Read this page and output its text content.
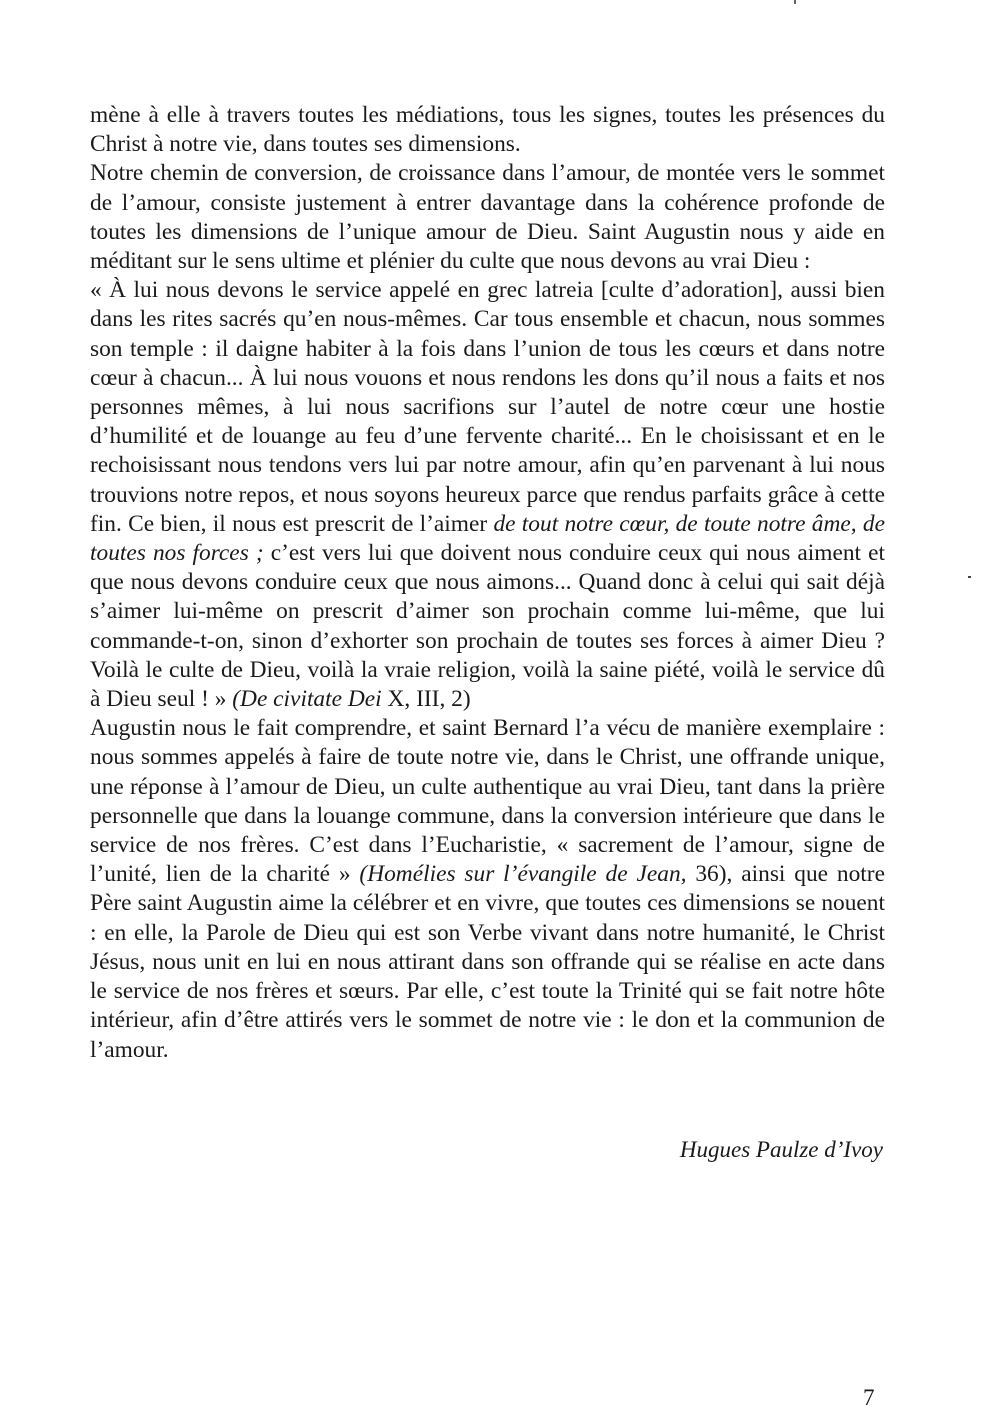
mène à elle à travers toutes les médiations, tous les signes, toutes les présences du Christ à notre vie, dans toutes ses dimensions.

Notre chemin de conversion, de croissance dans l’amour, de montée vers le sommet de l’amour, consiste justement à entrer davantage dans la cohérence profonde de toutes les dimensions de l’unique amour de Dieu. Saint Augustin nous y aide en méditant sur le sens ultime et plénier du culte que nous devons au vrai Dieu :

« À lui nous devons le service appelé en grec latreia [culte d’adoration], aussi bien dans les rites sacrés qu’en nous-mêmes. Car tous ensemble et chacun, nous sommes son temple : il daigne habiter à la fois dans l’union de tous les cœurs et dans notre cœur à chacun... À lui nous vouons et nous rendons les dons qu’il nous a faits et nos personnes mêmes, à lui nous sacrifions sur l’autel de notre cœur une hostie d’humilité et de louange au feu d’une fervente charité... En le choisissant et en le rechoisissant nous tendons vers lui par notre amour, afin qu’en parvenant à lui nous trouvions notre repos, et nous soyons heureux parce que rendus parfaits grâce à cette fin. Ce bien, il nous est prescrit de l’aimer de tout notre cœur, de toute notre âme, de toutes nos forces ; c’est vers lui que doivent nous conduire ceux qui nous aiment et que nous devons conduire ceux que nous aimons... Quand donc à celui qui sait déjà s’aimer lui-même on prescrit d’aimer son prochain comme lui-même, que lui commande-t-on, sinon d’exhorter son prochain de toutes ses forces à aimer Dieu ? Voilà le culte de Dieu, voilà la vraie religion, voilà la saine piété, voilà le service dû à Dieu seul ! » (De civitate Dei X, III, 2)

Augustin nous le fait comprendre, et saint Bernard l’a vécu de manière exemplaire : nous sommes appelés à faire de toute notre vie, dans le Christ, une offrande unique, une réponse à l’amour de Dieu, un culte authentique au vrai Dieu, tant dans la prière personnelle que dans la louange commune, dans la conversion intérieure que dans le service de nos frères. C’est dans l’Eucharistie, « sacrement de l’amour, signe de l’unité, lien de la charité » (Homélies sur l’évangile de Jean, 36), ainsi que notre Père saint Augustin aime la célébrer et en vivre, que toutes ces dimensions se nouent : en elle, la Parole de Dieu qui est son Verbe vivant dans notre humanité, le Christ Jésus, nous unit en lui en nous attirant dans son offrande qui se réalise en acte dans le service de nos frères et sœurs. Par elle, c’est toute la Trinité qui se fait notre hôte intérieur, afin d’être attirés vers le sommet de notre vie : le don et la communion de l’amour.

Hugues Paulze d’Ivoy
7
